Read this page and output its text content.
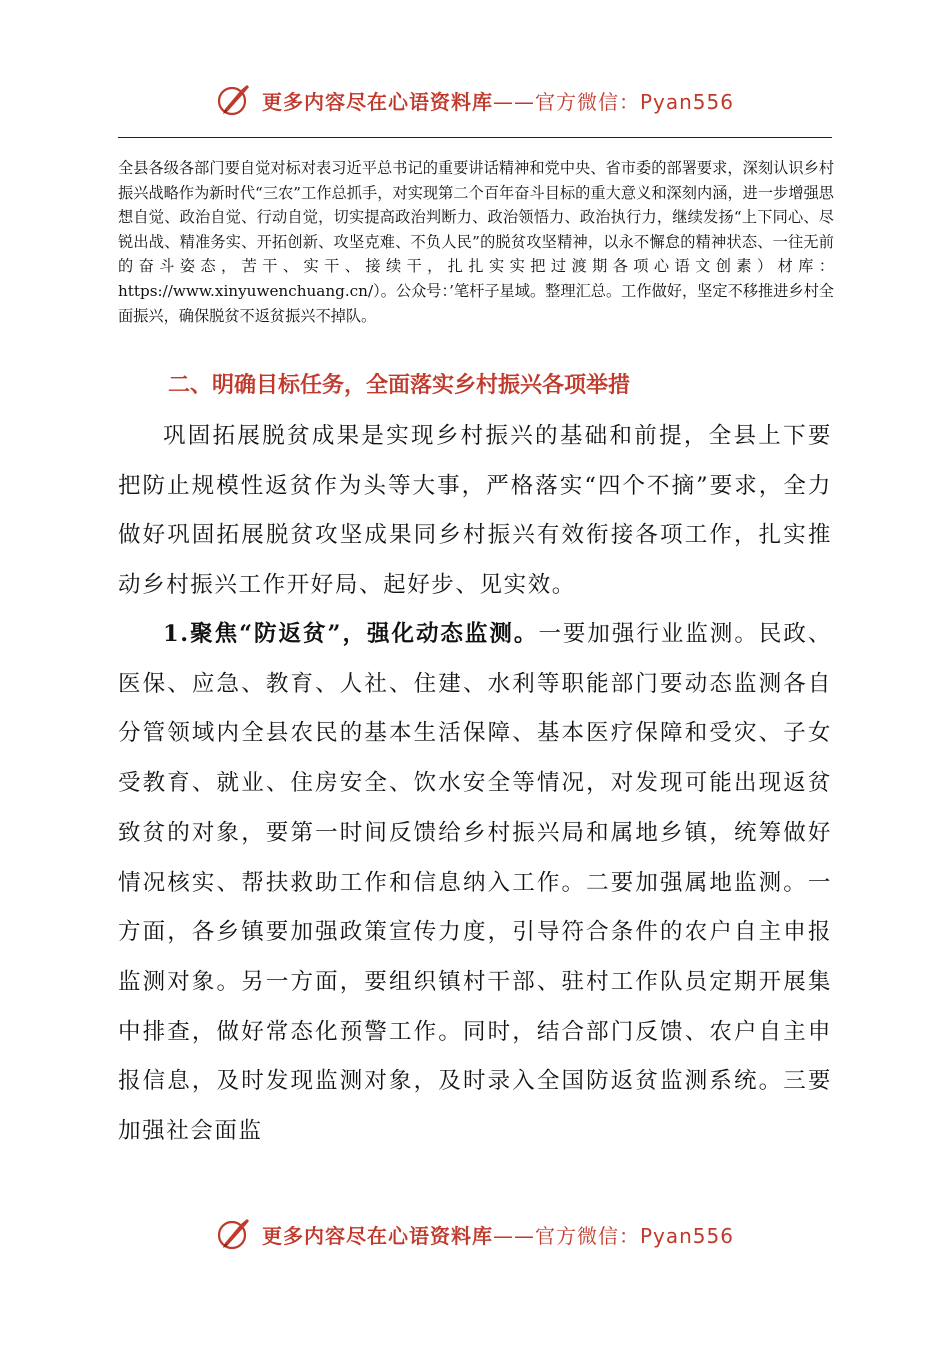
更多内容尽在心语资料库——官方微信：Pyan556

全县各级各部门要自觉对标对表习近平总书记的重要讲话精神和党中央、省市委的部署要求，深刻认识乡村振兴战略作为新时代“三农”工作总抓手，对实现第二个百年奋斗目标的重大意义和深刻内涵，进一步增强思想自觉、政治自觉、行动自觉，切实提高政治判断力、政治领悟力、政治执行力，继续发扬“上下同心、尽锐出战、精准务实、开拓创新、攻坚克难、不负人民”的脱贫攻坚精神，以永不懈怠的精神状态、一往无前的奋斗姿态，苦干、实干、接续干，扎扎实实把过渡期各项心语文创素）材库：https://www.xinyuwenchuang.cn/）。公众号：’笔杆子星域。整理汇总。工作做好，坚定不移推进乡村全面振兴，确保脱贫不返贫振兴不掉队。

二、明确目标任务，全面落实乡村振兴各项举措

巩固拓展脱贫成果是实现乡村振兴的基础和前提，全县上下要把防止规模性返贫作为头等大事，严格落实“四个不摘”要求，全力做好巩固拓展脱贫攻坚成果同乡村振兴有效衔接各项工作，扎实推动乡村振兴工作开好局、起好步、见实效。

1.聚焦“防返贫”，强化动态监测。一要加强行业监测。民政、医保、应急、教育、人社、住建、水利等职能部门要动态监测各自分管领域内全县农民的基本生活保障、基本医疗保障和受灾、子女受教育、就业、住房安全、饮水安全等情况，对发现可能出现返贫致贫的对象，要第一时间反馈给乡村振兴局和属地乡镇，统筹做好情况核实、帮扶救助工作和信息纳入工作。二要加强属地监测。一方面，各乡镇要加强政策宣传力度，引导符合条件的农户自主申报监测对象。另一方面，要组织镇村干部、驻村工作队员定期开展集中排查，做好常态化预警工作。同时，结合部门反馈、农户自主申报信息，及时发现监测对象，及时录入全国防返贫监测系统。三要加强社会面监

更多内容尽在心语资料库——官方微信：Pyan556
